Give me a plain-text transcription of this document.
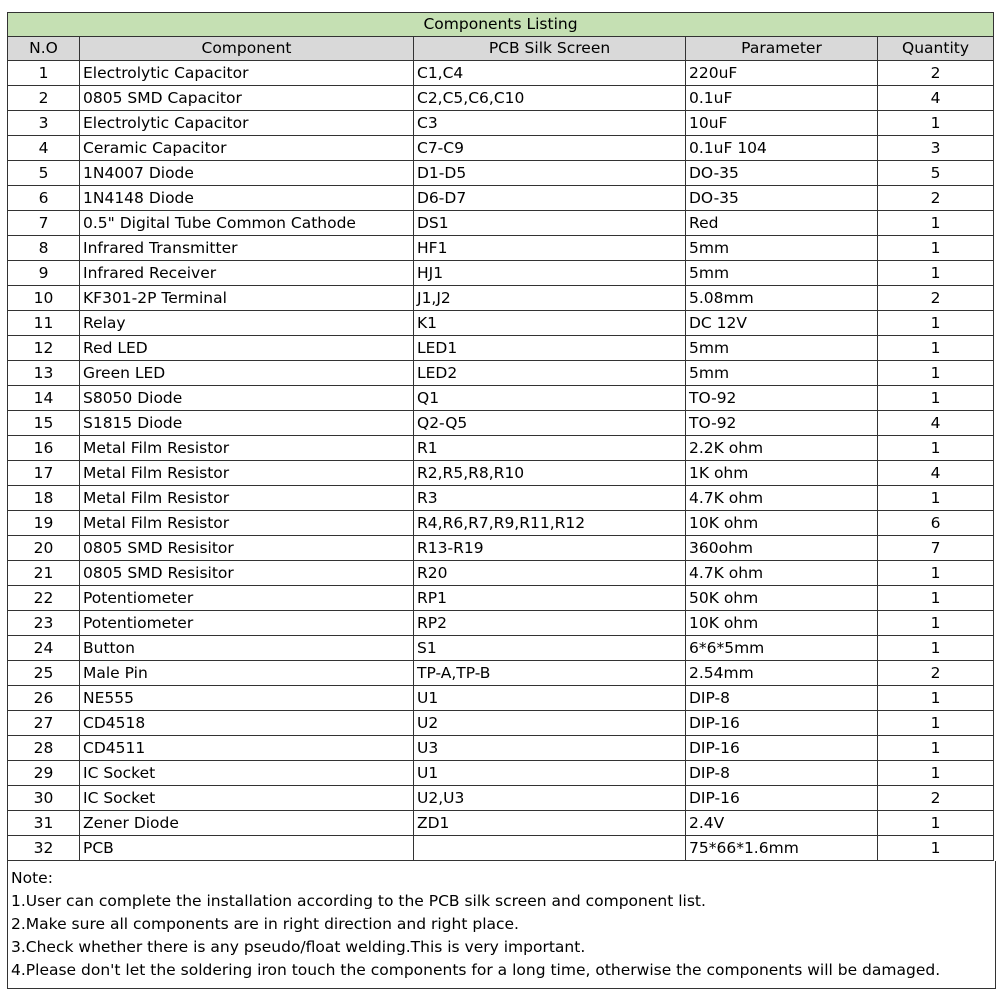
Components Listing				
N.O	Component	PCB Silk Screen	Parameter	Quantity
1	Electrolytic Capacitor	C1,C4	220uF	2
2	0805 SMD Capacitor	C2,C5,C6,C10	0.1uF	4
3	Electrolytic Capacitor	C3	10uF	1
4	Ceramic Capacitor	C7-C9	0.1uF 104	3
5	1N4007 Diode	D1-D5	DO-35	5
6	1N4148 Diode	D6-D7	DO-35	2
7	0.5" Digital Tube Common Cathode	DS1	Red	1
8	Infrared Transmitter	HF1	5mm	1
9	Infrared Receiver	HJ1	5mm	1
10	KF301-2P Terminal	J1,J2	5.08mm	2
11	Relay	K1	DC 12V	1
12	Red LED	LED1	5mm	1
13	Green LED	LED2	5mm	1
14	S8050 Diode	Q1	TO-92	1
15	S1815 Diode	Q2-Q5	TO-92	4
16	Metal Film Resistor	R1	2.2K ohm	1
17	Metal Film Resistor	R2,R5,R8,R10	1K ohm	4
18	Metal Film Resistor	R3	4.7K ohm	1
19	Metal Film Resistor	R4,R6,R7,R9,R11,R12	10K ohm	6
20	0805 SMD Resisitor	R13-R19	360ohm	7
21	0805 SMD Resisitor	R20	4.7K ohm	1
22	Potentiometer	RP1	50K ohm	1
23	Potentiometer	RP2	10K ohm	1
24	Button	S1	6*6*5mm	1
25	Male Pin	TP-A,TP-B	2.54mm	2
26	NE555	U1	DIP-8	1
27	CD4518	U2	DIP-16	1
28	CD4511	U3	DIP-16	1
29	IC Socket	U1	DIP-8	1
30	IC Socket	U2,U3	DIP-16	2
31	Zener Diode	ZD1	2.4V	1
32	PCB		75*66*1.6mm	1
Note:
1.User can complete the installation according to the PCB silk screen and component list.
2.Make sure all components are in right direction and right place.
3.Check whether there is any pseudo/float welding.This is very important.
4.Please don't let the soldering iron touch the components for a long time, otherwise the components will be damaged.
